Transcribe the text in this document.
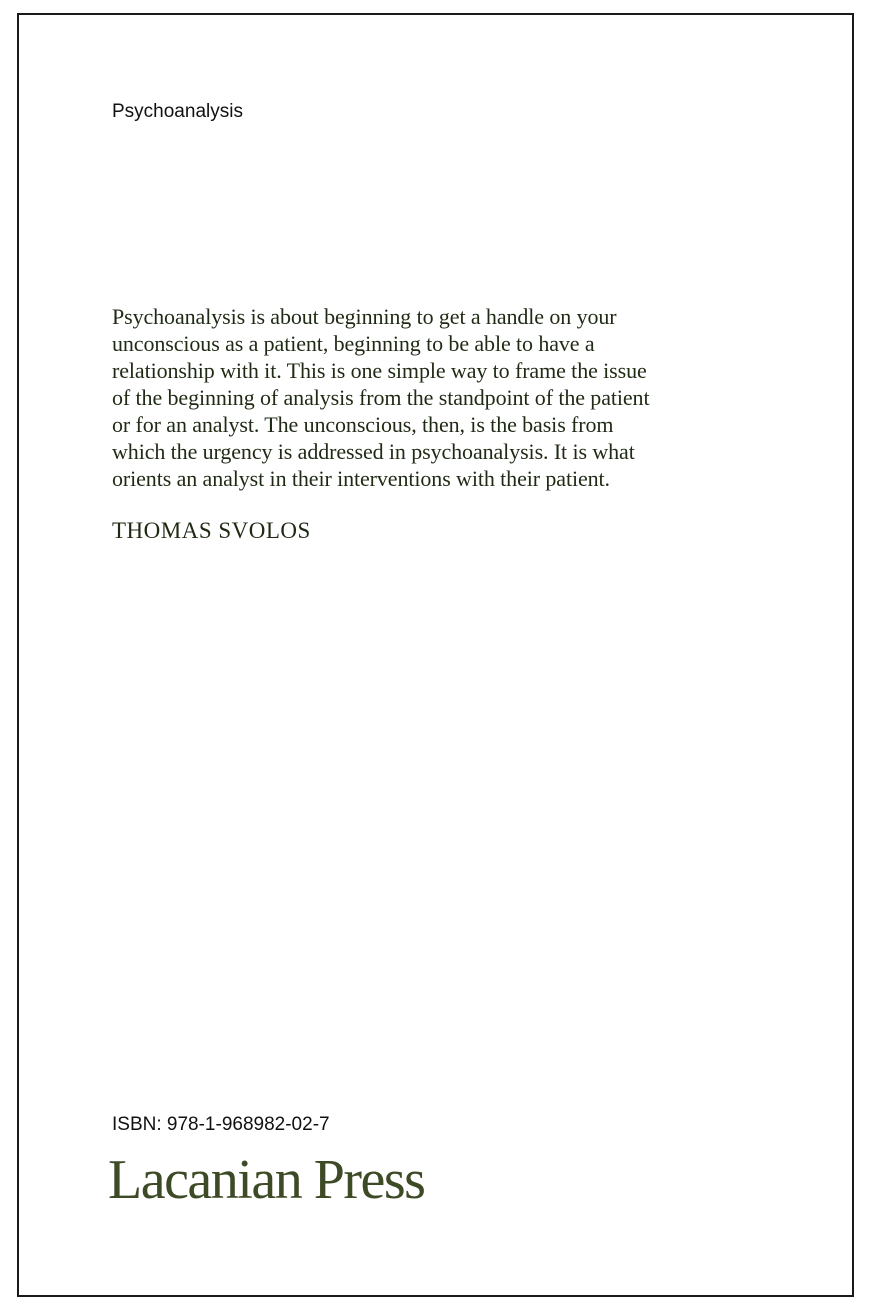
Psychoanalysis

Psychoanalysis is about beginning to get a handle on your
unconscious as a patient, beginning to be able to have a
relationship with it. This is one simple way to frame the issue
of the beginning of analysis from the standpoint of the patient
or for an analyst. The unconscious, then, is the basis from
which the urgency is addressed in psychoanalysis. It is what
orients an analyst in their interventions with their patient.

THOMAS SVOLOS

ISBN: 978-1-968982-02-7

Lacanian Press
